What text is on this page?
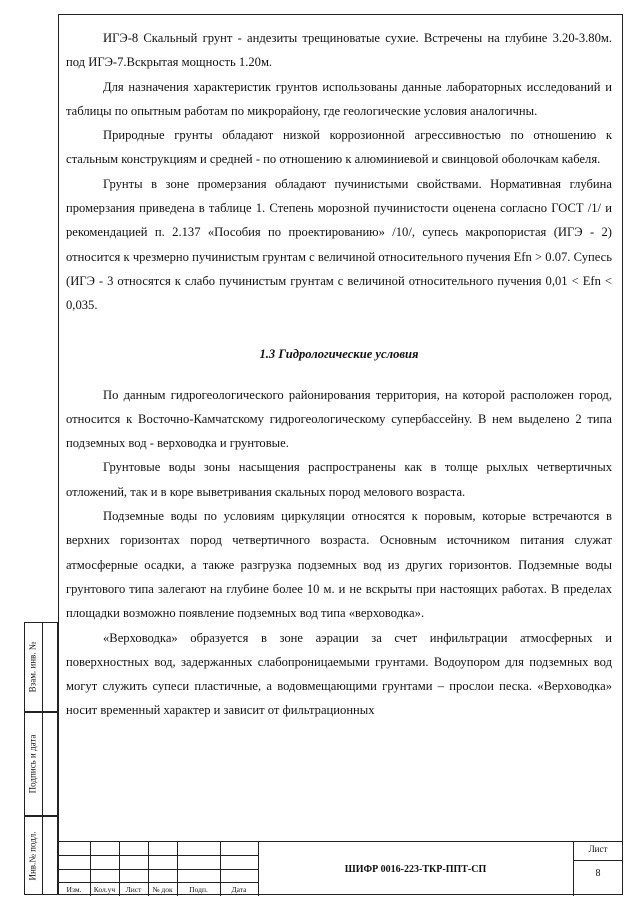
ИГЭ-8 Скальный грунт - андезиты трещиноватые сухие. Встречены на глубине 3.20-3.80м. под ИГЭ-7.Вскрытая мощность 1.20м.

Для назначения характеристик грунтов использованы данные лабораторных исследований и таблицы по опытным работам по микрорайону, где геологические условия аналогичны.

Природные грунты обладают низкой коррозионной агрессивностью по отношению к стальным конструкциям и средней - по отношению к алюминиевой и свинцовой оболочкам кабеля.

Грунты в зоне промерзания обладают пучинистыми свойствами. Нормативная глубина промерзания приведена в таблице 1. Степень морозной пучинистости оценена согласно ГОСТ /1/ и рекомендацией п. 2.137 «Пособия по проектированию» /10/, супесь макропористая (ИГЭ - 2) относится к чрезмерно пучинистым грунтам с величиной относительного пучения Efn > 0.07. Супесь (ИГЭ - 3 относятся к слабо пучинистым грунтам с величиной относительного пучения 0,01 < Efn < 0,035.

1.3 Гидрологические условия

По данным гидрогеологического районирования территория, на которой расположен город, относится к Восточно-Камчатскому гидрогеологическому супербассейну. В нем выделено 2 типа подземных вод - верховодка и грунтовые.

Грунтовые воды зоны насыщения распространены как в толще рыхлых четвертичных отложений, так и в коре выветривания скальных пород мелового возраста.

Подземные воды по условиям циркуляции относятся к поровым, которые встречаются в верхних горизонтах пород четвертичного возраста. Основным источником питания служат атмосферные осадки, а также разгрузка подземных вод из других горизонтов. Подземные воды грунтового типа залегают на глубине более 10 м. и не вскрыты при настоящих работах. В пределах площадки возможно появление подземных вод типа «верховодка».

«Верховодка» образуется в зоне аэрации за счет инфильтрации атмосферных и поверхностных вод, задержанных слабопроницаемыми грунтами. Водоупором для подземных вод могут служить супеси пластичные, а водовмещающими грунтами – прослои песка. «Верховодка» носит временный характер и зависит от фильтрационных

Взам. инв. №
Подпись и дата
Инв.№ подл.
Изм.	Кол.уч	Лист	№ док	Подп.	Дата
ШИФР 0016-223-ТКР-ППТ-СП
Лист
8
